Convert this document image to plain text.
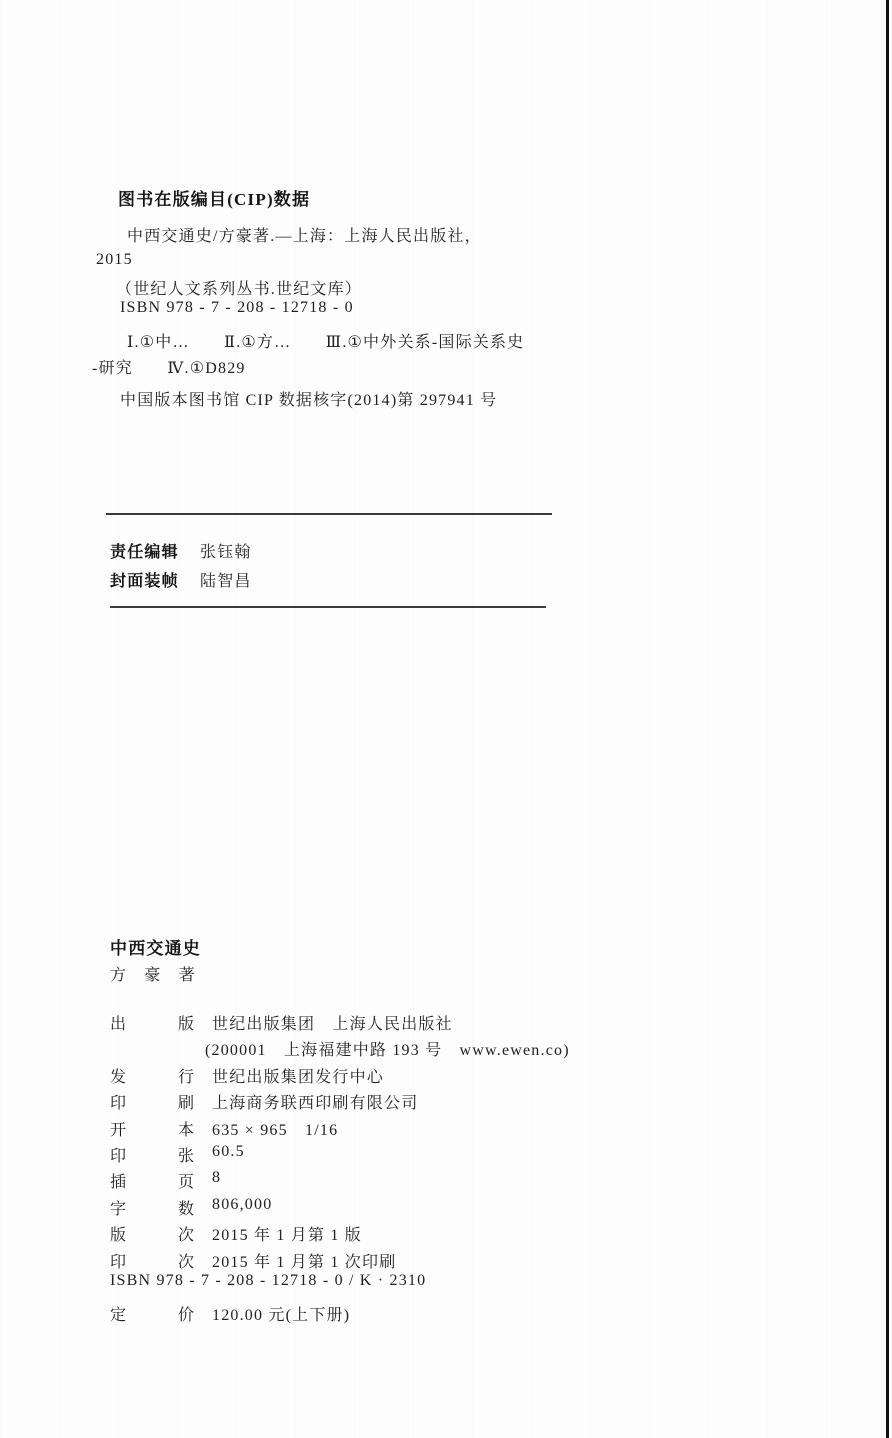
图书在版编目(CIP)数据

中西交通史/方豪著.—上海：上海人民出版社，

2015

（世纪人文系列丛书.世纪文库）

ISBN 978 - 7 - 208 - 12718 - 0

Ⅰ.①中…　　Ⅱ.①方…　　Ⅲ.①中外关系-国际关系史

-研究　　Ⅳ.①D829

中国版本图书馆 CIP 数据核字(2014)第 297941 号

责任编辑 张钰翰
封面装帧 陆智昌

中西交通史

方　豪　著

出	版 世纪出版集团　上海人民出版社
(200001　上海福建中路 193 号　www.ewen.co)
发	行 世纪出版集团发行中心
印	刷 上海商务联西印刷有限公司
开	本 635 × 965　1/16
印	张 60.5
插	页 8
字	数 806,000
版	次 2015 年 1 月第 1 版
印	次 2015 年 1 月第 1 次印刷

ISBN 978 - 7 - 208 - 12718 - 0 / K · 2310

定	价 120.00 元(上下册)
